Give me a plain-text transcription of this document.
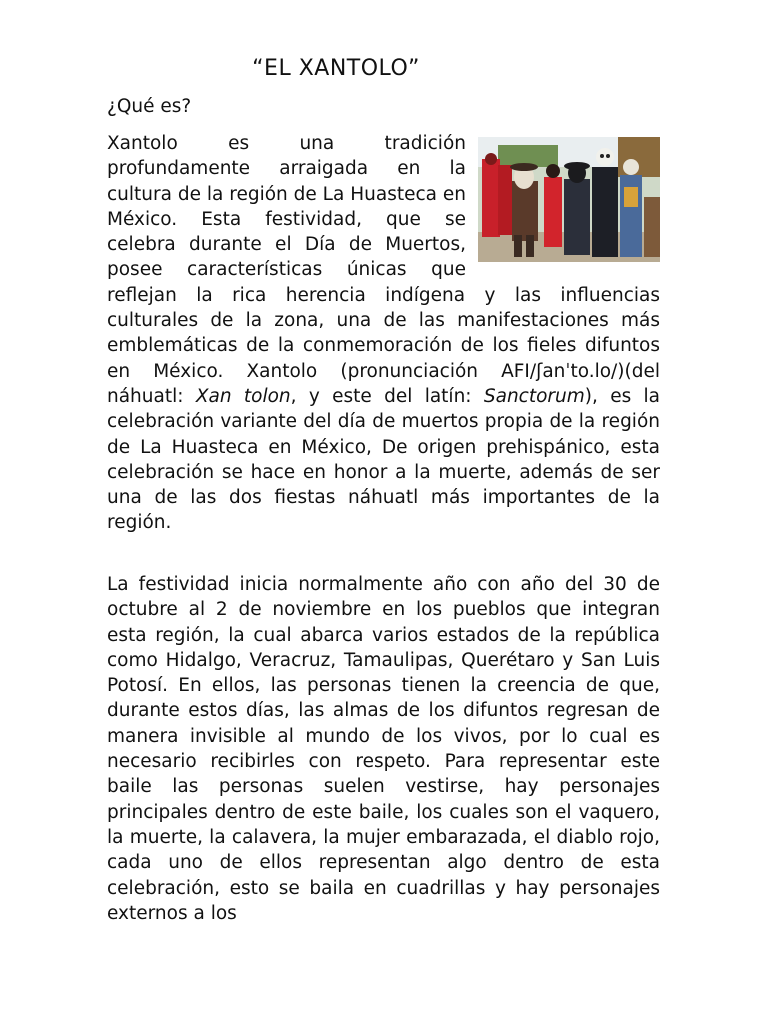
“EL XANTOLO”
¿Qué es?

Xantolo es una tradición profundamente arraigada en la cultura de la región de La Huasteca en México. Esta festividad, que se celebra durante el Día de Muertos, posee características únicas que reflejan la rica herencia indígena y las influencias culturales de la zona, una de las manifestaciones más emblemáticas de la conmemoración de los fieles difuntos en México. Xantolo (pronunciación AFI/ʃanˈto.lo/)(del náhuatl: Xan tolon, y este del latín: Sanctorum), es la celebración variante del día de muertos propia de la región de La Huasteca en México, De origen prehispánico, esta celebración se hace en honor a la muerte, además de ser una de las dos fiestas náhuatl más importantes de la región.

La festividad inicia normalmente año con año del 30 de octubre al 2 de noviembre en los pueblos que integran esta región, la cual abarca varios estados de la república como Hidalgo, Veracruz, Tamaulipas, Querétaro y San Luis Potosí. En ellos, las personas tienen la creencia de que, durante estos días, las almas de los difuntos regresan de manera invisible al mundo de los vivos, por lo cual es necesario recibirles con respeto. Para representar este baile las personas suelen vestirse, hay personajes principales dentro de este baile, los cuales son el vaquero, la muerte, la calavera, la mujer embarazada, el diablo rojo, cada uno de ellos representan algo dentro de esta celebración, esto se baila en cuadrillas y hay personajes externos a los
